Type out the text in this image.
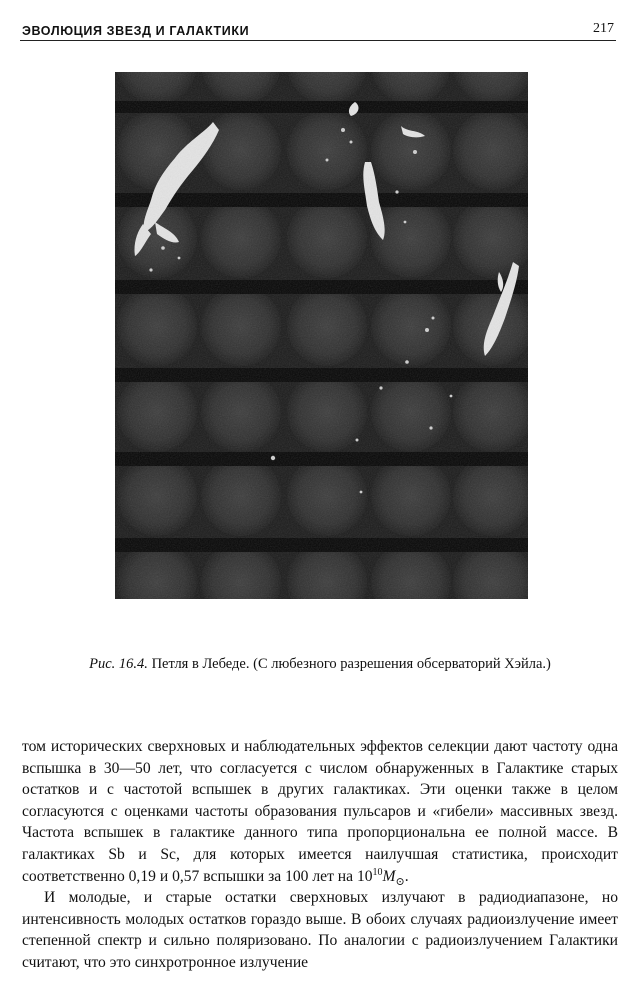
ЭВОЛЮЦИЯ ЗВЕЗД И ГАЛАКТИКИ	217
Рис. 16.4. Петля в Лебеде. (С любезного разрешения обсерваторий Хэйла.)

том исторических сверхновых и наблюдательных эффектов селекции дают частоту одна вспышка в 30—50 лет, что согласуется с числом обнаруженных в Галактике старых остатков и с частотой вспышек в других галактиках. Эти оценки также в целом согласуются с оценками частоты образования пульсаров и «гибели» массивных звезд. Частота вспышек в галактике данного типа пропорциональна ее полной массе. В галактиках Sb и Sc, для которых имеется наилучшая статистика, происходит соответственно 0,19 и 0,57 вспышки за 100 лет на $10^{10}M_⊙$.

И молодые, и старые остатки сверхновых излучают в радиодиапазоне, но интенсивность молодых остатков гораздо выше. В обоих случаях радиоизлучение имеет степенной спектр и сильно поляризовано. По аналогии с радиоизлучением Галактики считают, что это синхротронное излучение
